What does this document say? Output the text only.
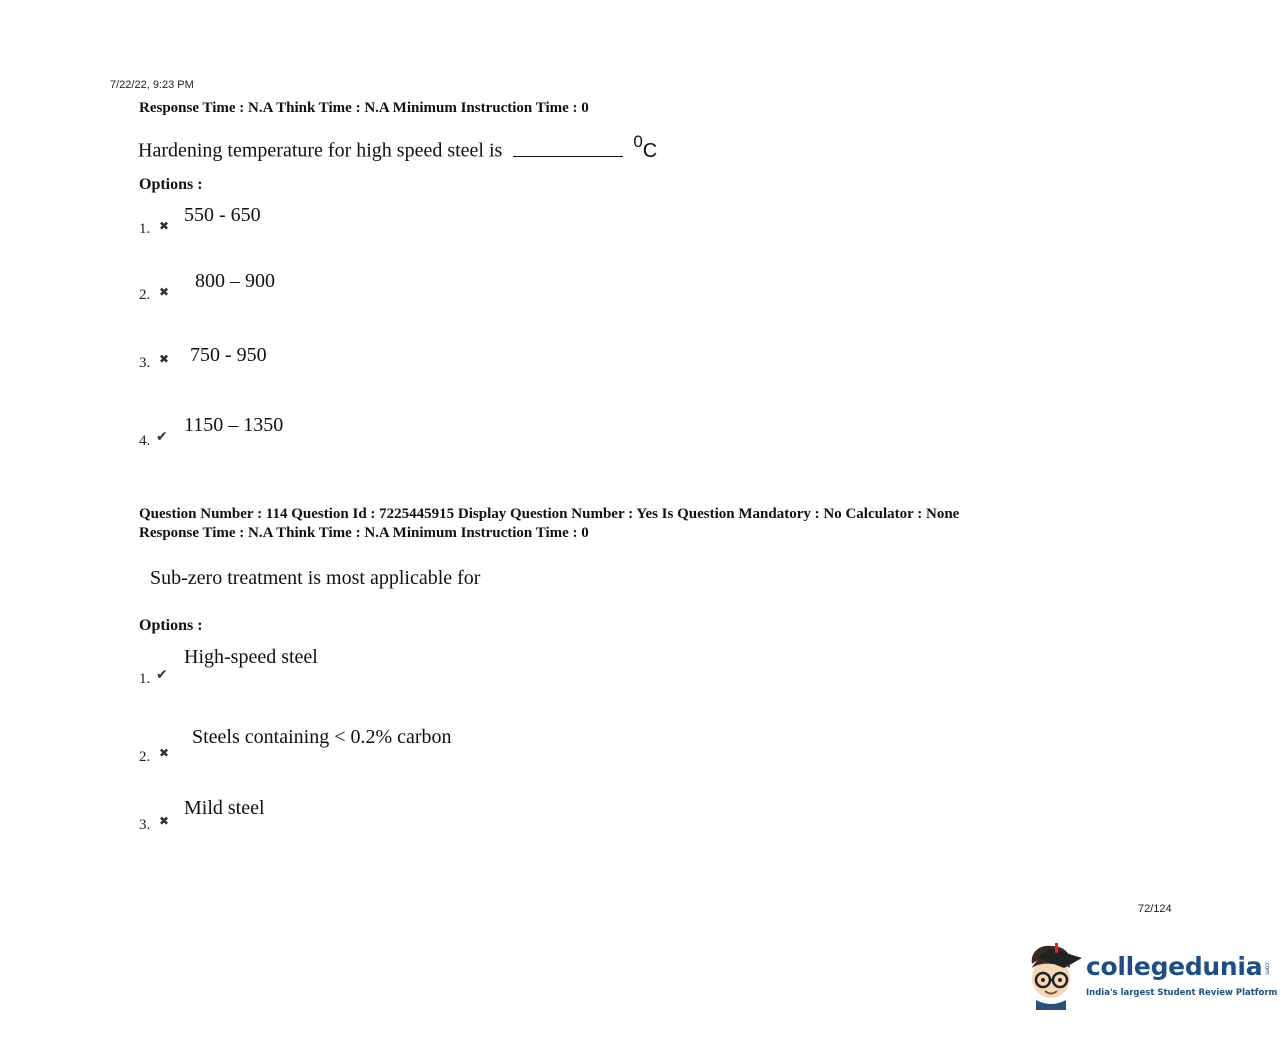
7/22/22, 9:23 PM
Response Time : N.A Think Time : N.A Minimum Instruction Time : 0
Hardening temperature for high speed steel is	$^0$C
Options :
1. ✖ 550 - 650
2. ✖ 800 – 900
3. ✖ 750 - 950
4. ✔
1150 – 1350
Question Number : 114 Question Id : 7225445915 Display Question Number : Yes Is Question Mandatory : No Calculator : None
Response Time : N.A Think Time : N.A Minimum Instruction Time : 0
Sub-zero treatment is most applicable for
Options :
1. ✔
High-speed steel
2. ✖
Steels containing < 0.2% carbon
3. ✖
Mild steel
72/124
collegedunia.com
India's largest Student Review Platform
